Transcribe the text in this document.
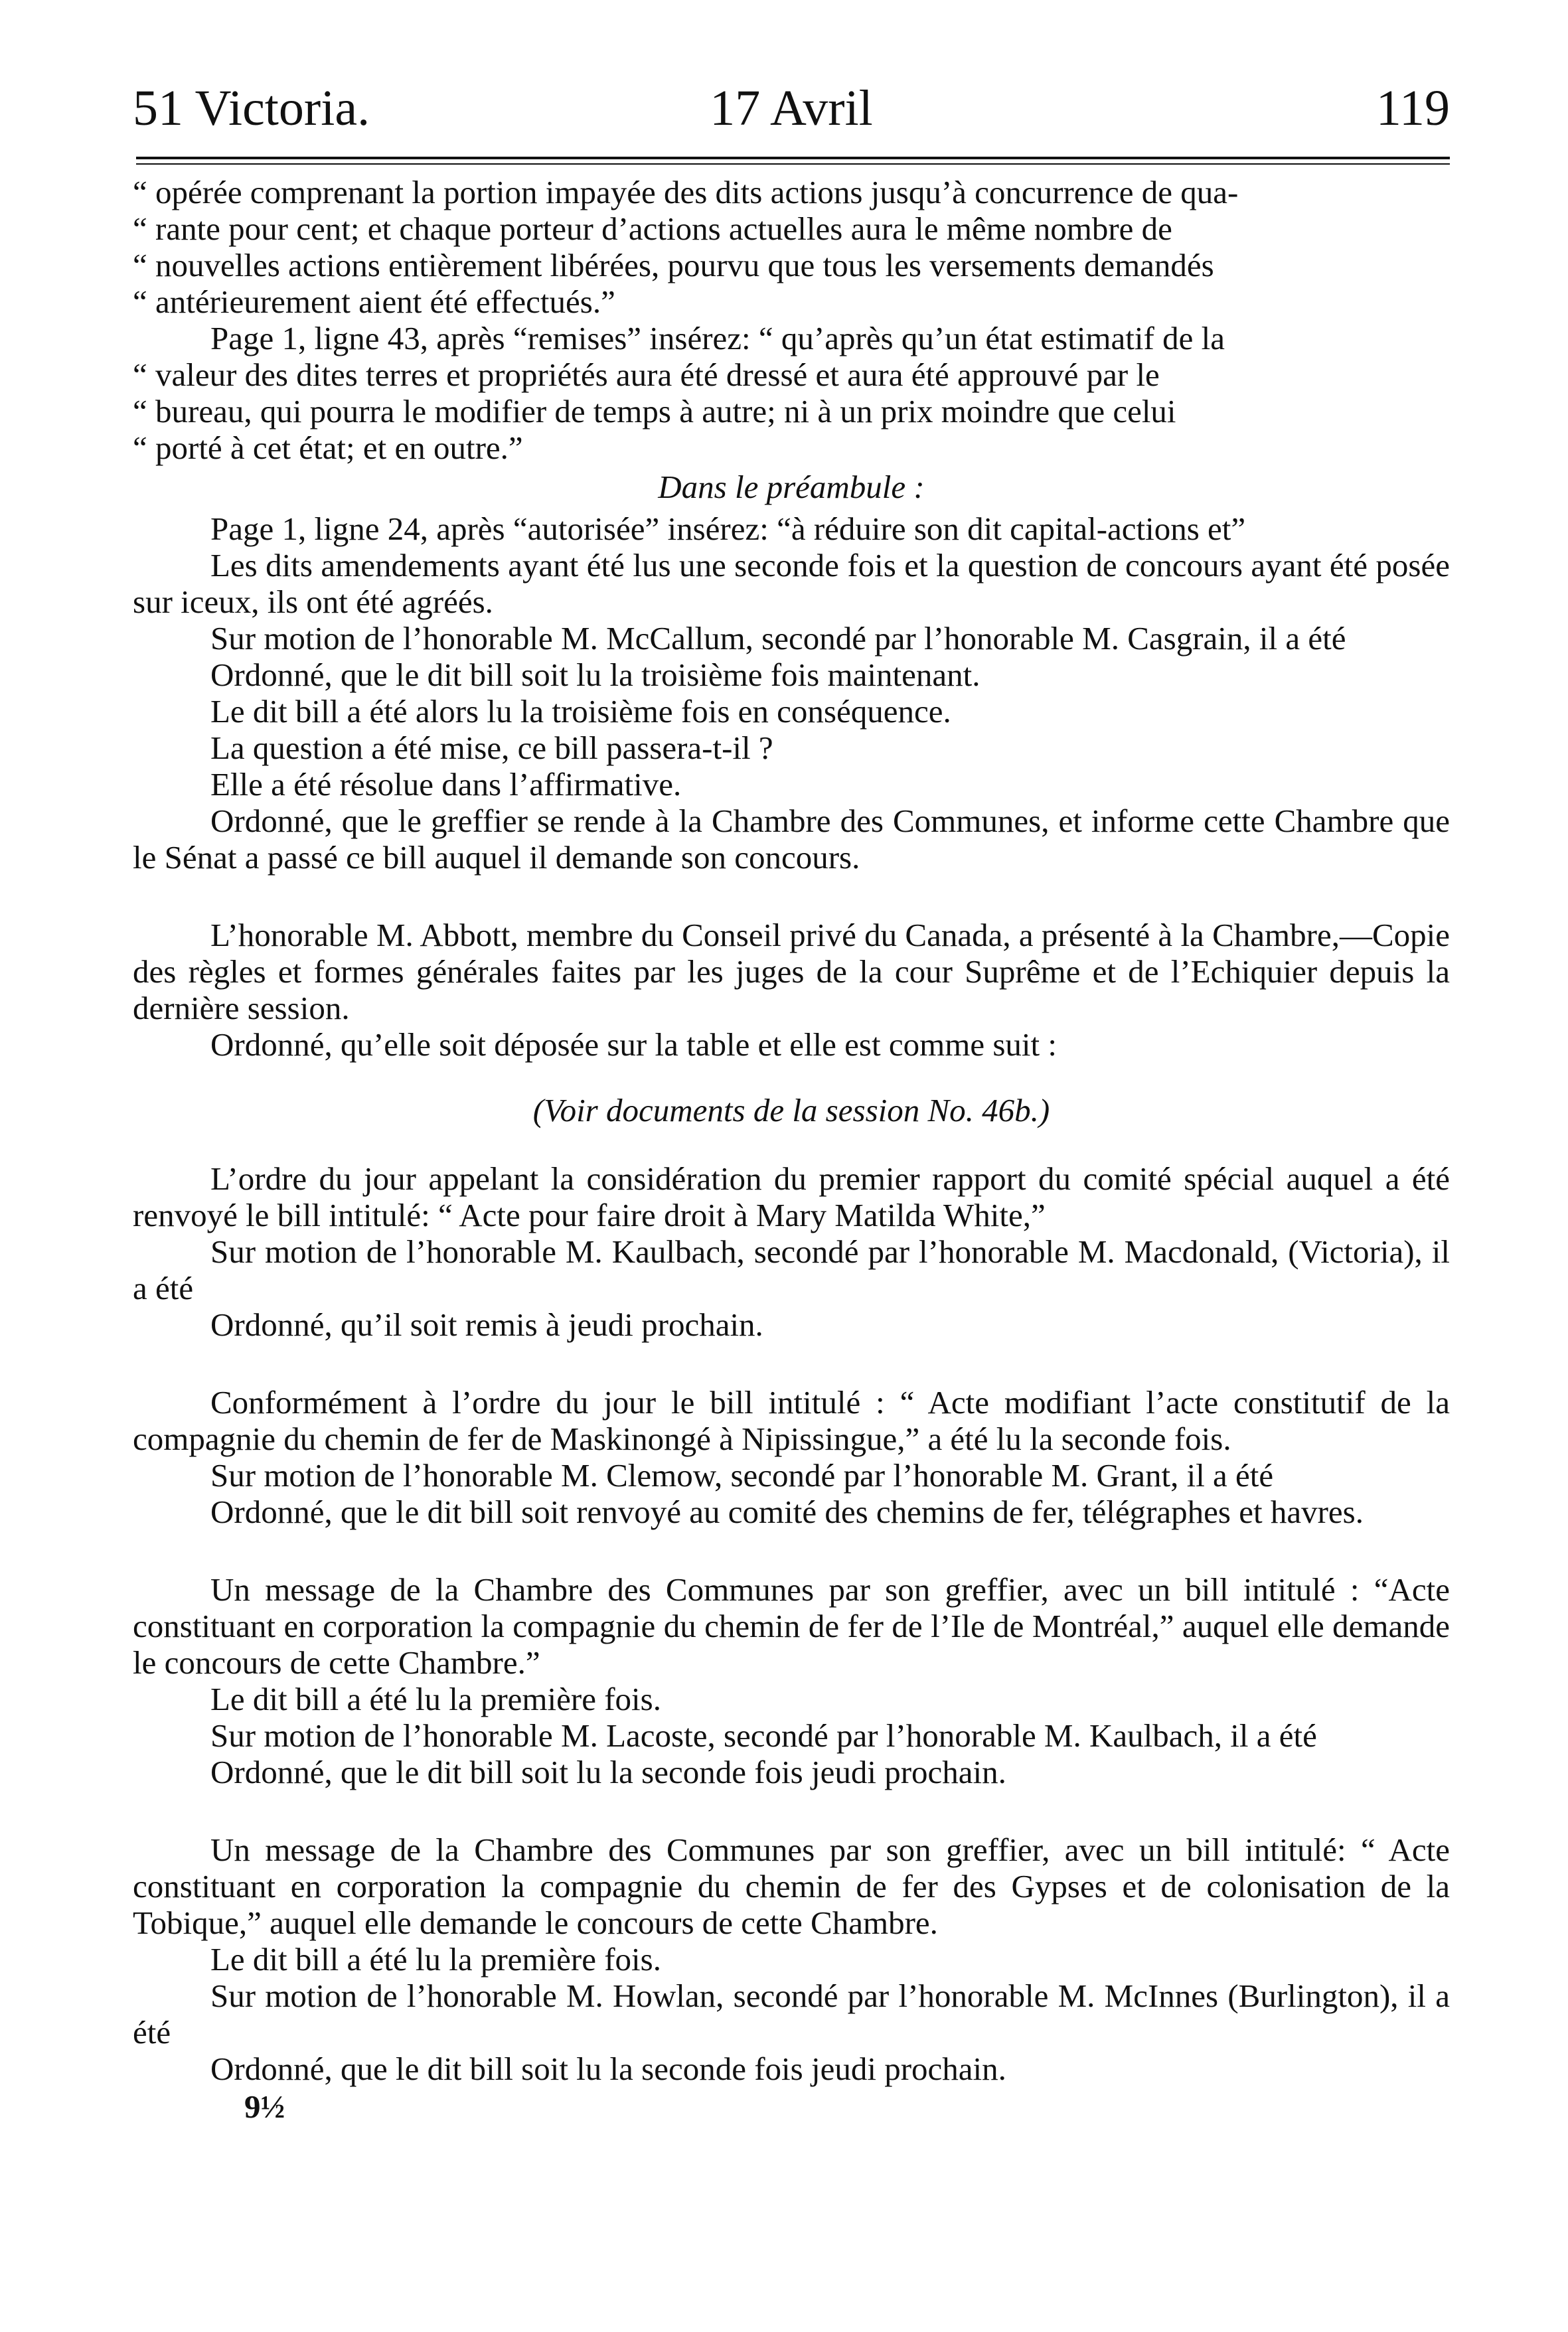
51 Victoria.	17 Avril	119

“ opérée comprenant la portion impayée des dits actions jusqu’à concurrence de qua-

“ rante pour cent; et chaque porteur d’actions actuelles aura le même nombre de

“ nouvelles actions entièrement libérées, pourvu que tous les versements demandés

“ antérieurement aient été effectués.”

Page 1, ligne 43, après “remises” insérez: “ qu’après qu’un état estimatif de la

“ valeur des dites terres et propriétés aura été dressé et aura été approuvé par le

“ bureau, qui pourra le modifier de temps à autre; ni à un prix moindre que celui

“ porté à cet état; et en outre.”

Dans le préambule :

Page 1, ligne 24, après “autorisée” insérez: “à réduire son dit capital-actions et”

Les dits amendements ayant été lus une seconde fois et la question de concours ayant été posée sur iceux, ils ont été agréés.

Sur motion de l’honorable M. McCallum, secondé par l’honorable M. Casgrain, il a été

Ordonné, que le dit bill soit lu la troisième fois maintenant.

Le dit bill a été alors lu la troisième fois en conséquence.

La question a été mise, ce bill passera-t-il ?

Elle a été résolue dans l’affirmative.

Ordonné, que le greffier se rende à la Chambre des Communes, et informe cette Chambre que le Sénat a passé ce bill auquel il demande son concours.

L’honorable M. Abbott, membre du Conseil privé du Canada, a présenté à la Chambre,—Copie des règles et formes générales faites par les juges de la cour Suprême et de l’Echiquier depuis la dernière session.

Ordonné, qu’elle soit déposée sur la table et elle est comme suit :

(Voir documents de la session No. 46b.)

L’ordre du jour appelant la considération du premier rapport du comité spécial auquel a été renvoyé le bill intitulé: “ Acte pour faire droit à Mary Matilda White,”

Sur motion de l’honorable M. Kaulbach, secondé par l’honorable M. Macdonald, (Victoria), il a été

Ordonné, qu’il soit remis à jeudi prochain.

Conformément à l’ordre du jour le bill intitulé : “ Acte modifiant l’acte constitutif de la compagnie du chemin de fer de Maskinongé à Nipissingue,” a été lu la seconde fois.

Sur motion de l’honorable M. Clemow, secondé par l’honorable M. Grant, il a été

Ordonné, que le dit bill soit renvoyé au comité des chemins de fer, télégraphes et havres.

Un message de la Chambre des Communes par son greffier, avec un bill intitulé : “Acte constituant en corporation la compagnie du chemin de fer de l’Ile de Montréal,” auquel elle demande le concours de cette Chambre.”

Le dit bill a été lu la première fois.

Sur motion de l’honorable M. Lacoste, secondé par l’honorable M. Kaulbach, il a été

Ordonné, que le dit bill soit lu la seconde fois jeudi prochain.

Un message de la Chambre des Communes par son greffier, avec un bill intitulé: “ Acte constituant en corporation la compagnie du chemin de fer des Gypses et de colonisation de la Tobique,” auquel elle demande le concours de cette Chambre.

Le dit bill a été lu la première fois.

Sur motion de l’honorable M. Howlan, secondé par l’honorable M. McInnes (Burlington), il a été

Ordonné, que le dit bill soit lu la seconde fois jeudi prochain.

9½
